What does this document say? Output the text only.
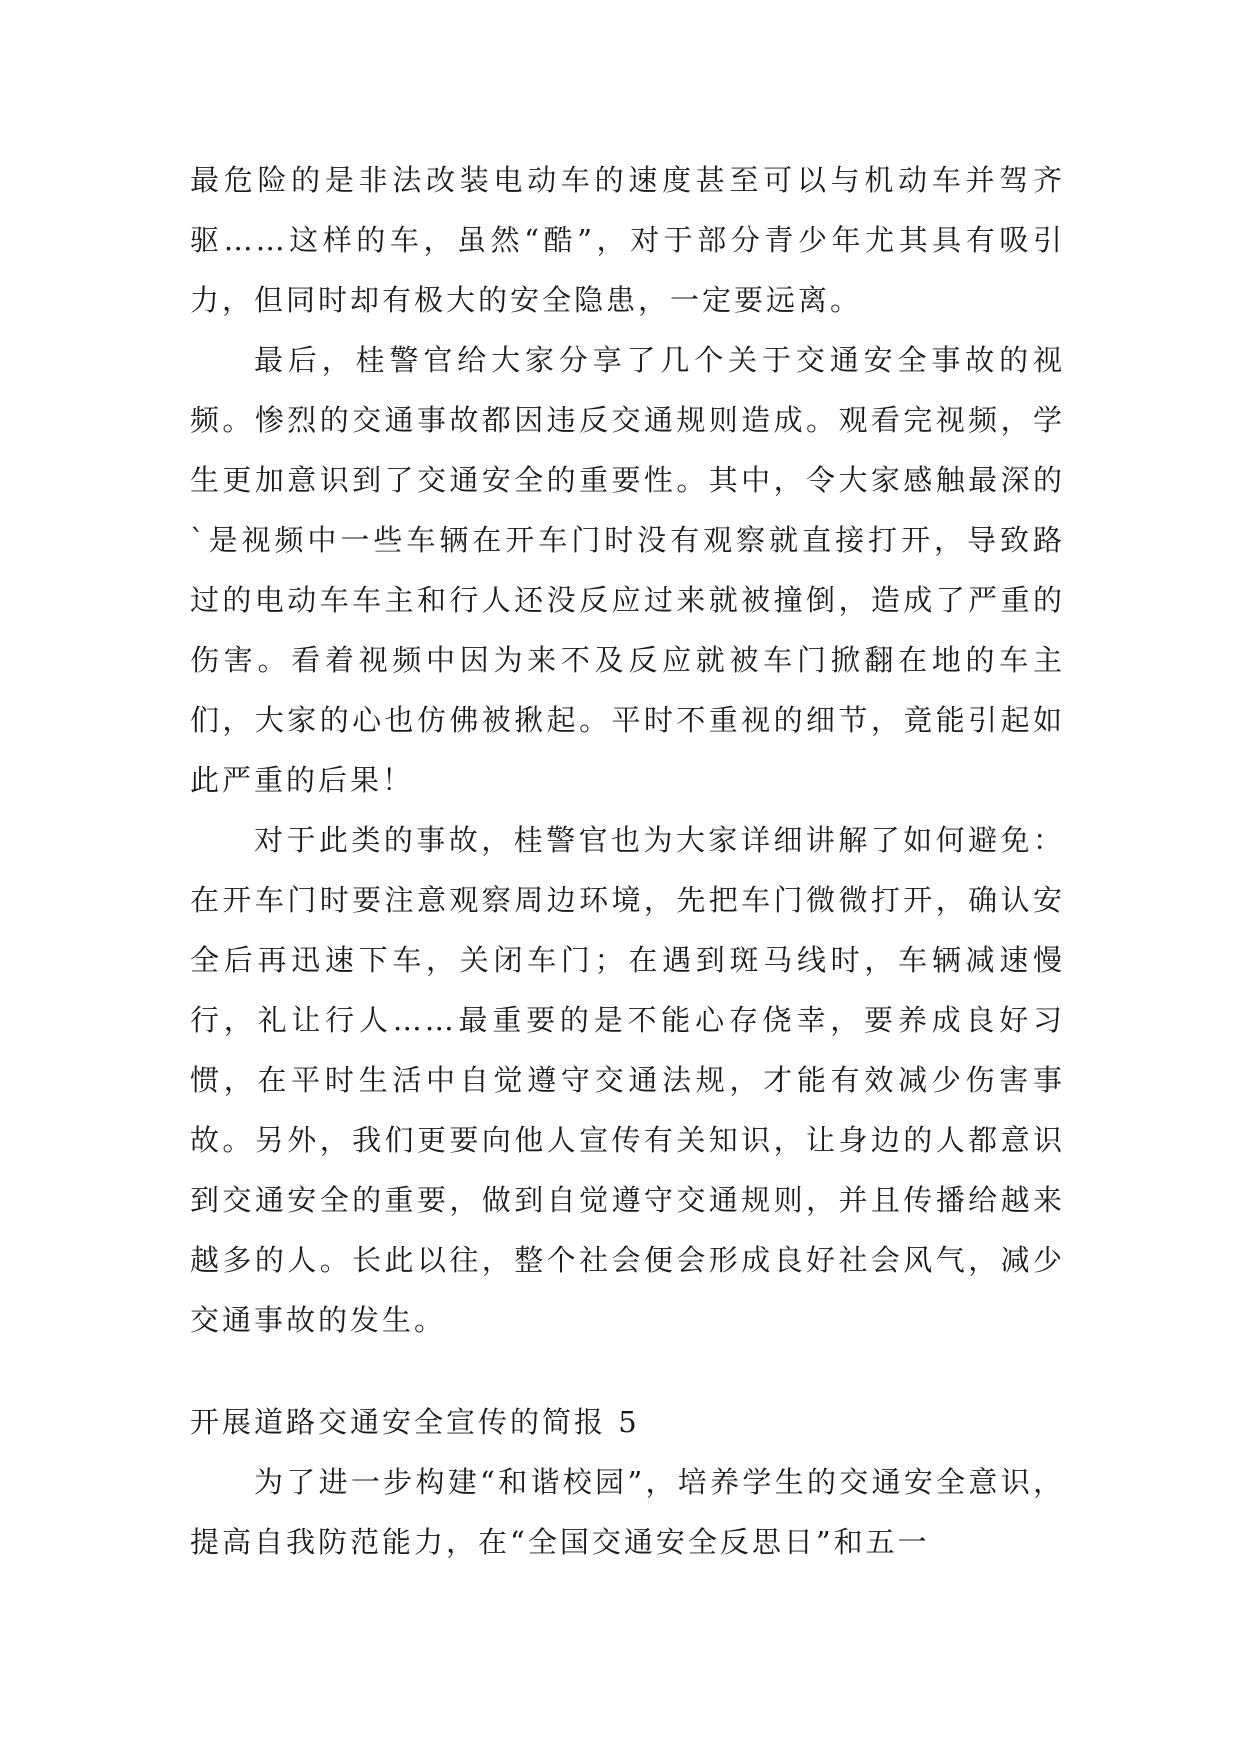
最危险的是非法改装电动车的速度甚至可以与机动车并驾齐驱……这样的车，虽然“酷”，对于部分青少年尤其具有吸引力，但同时却有极大的安全隐患，一定要远离。

最后，桂警官给大家分享了几个关于交通安全事故的视频。惨烈的交通事故都因违反交通规则造成。观看完视频，学生更加意识到了交通安全的重要性。其中，令大家感触最深的`是视频中一些车辆在开车门时没有观察就直接打开，导致路过的电动车车主和行人还没反应过来就被撞倒，造成了严重的伤害。看着视频中因为来不及反应就被车门掀翻在地的车主们，大家的心也仿佛被揪起。平时不重视的细节，竟能引起如此严重的后果！

对于此类的事故，桂警官也为大家详细讲解了如何避免：在开车门时要注意观察周边环境，先把车门微微打开，确认安全后再迅速下车，关闭车门；在遇到斑马线时，车辆减速慢行，礼让行人……最重要的是不能心存侥幸，要养成良好习惯，在平时生活中自觉遵守交通法规，才能有效减少伤害事故。另外，我们更要向他人宣传有关知识，让身边的人都意识到交通安全的重要，做到自觉遵守交通规则，并且传播给越来越多的人。长此以往，整个社会便会形成良好社会风气，减少交通事故的发生。

开展道路交通安全宣传的简报 5

为了进一步构建“和谐校园”，培养学生的交通安全意识，提高自我防范能力，在“全国交通安全反思日”和五一
